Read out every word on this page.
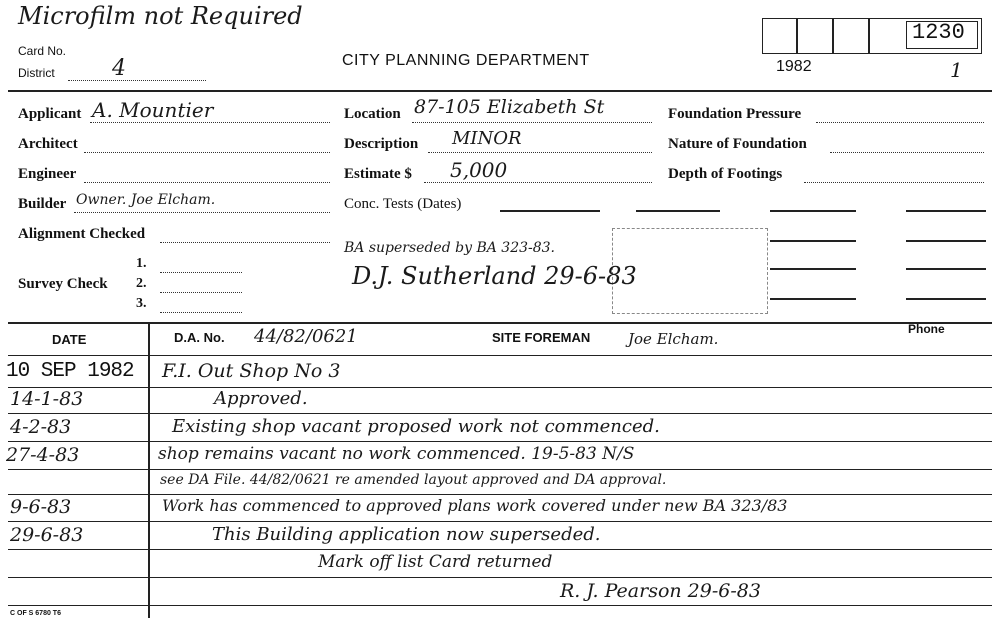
Microfilm not Required
Card No.
District	4	CITY PLANNING DEPARTMENT
1230
1982	1
Applicant A. Mountier
Architect
Engineer
Builder Owner. Joe Elcham.
Alignment Checked
Survey Check
1.
2.
3.
Location 87-105 Elizabeth St
Description MINOR
Estimate $ 5,000
Conc. Tests (Dates)
BA superseded by BA 323-83.
D.J. Sutherland 29-6-83
Foundation Pressure
Nature of Foundation
Depth of Footings
DATE	D.A. No. 44/82/0621	SITE FOREMAN	Joe Elcham.
Phone
10 SEP 1982 F.I. Out Shop No 3
14-1-83	Approved.
4-2-83	Existing shop vacant proposed work not commenced.
27-4-83	shop remains vacant no work commenced. 19-5-83 N/S
see DA File. 44/82/0621 re amended layout approved and DA approval.
9-6-83	Work has commenced to approved plans work covered under new BA 323/83
29-6-83	This Building application now superseded.
Mark off list Card returned
R. J. Pearson 29-6-83
C OF S 6780 T6
